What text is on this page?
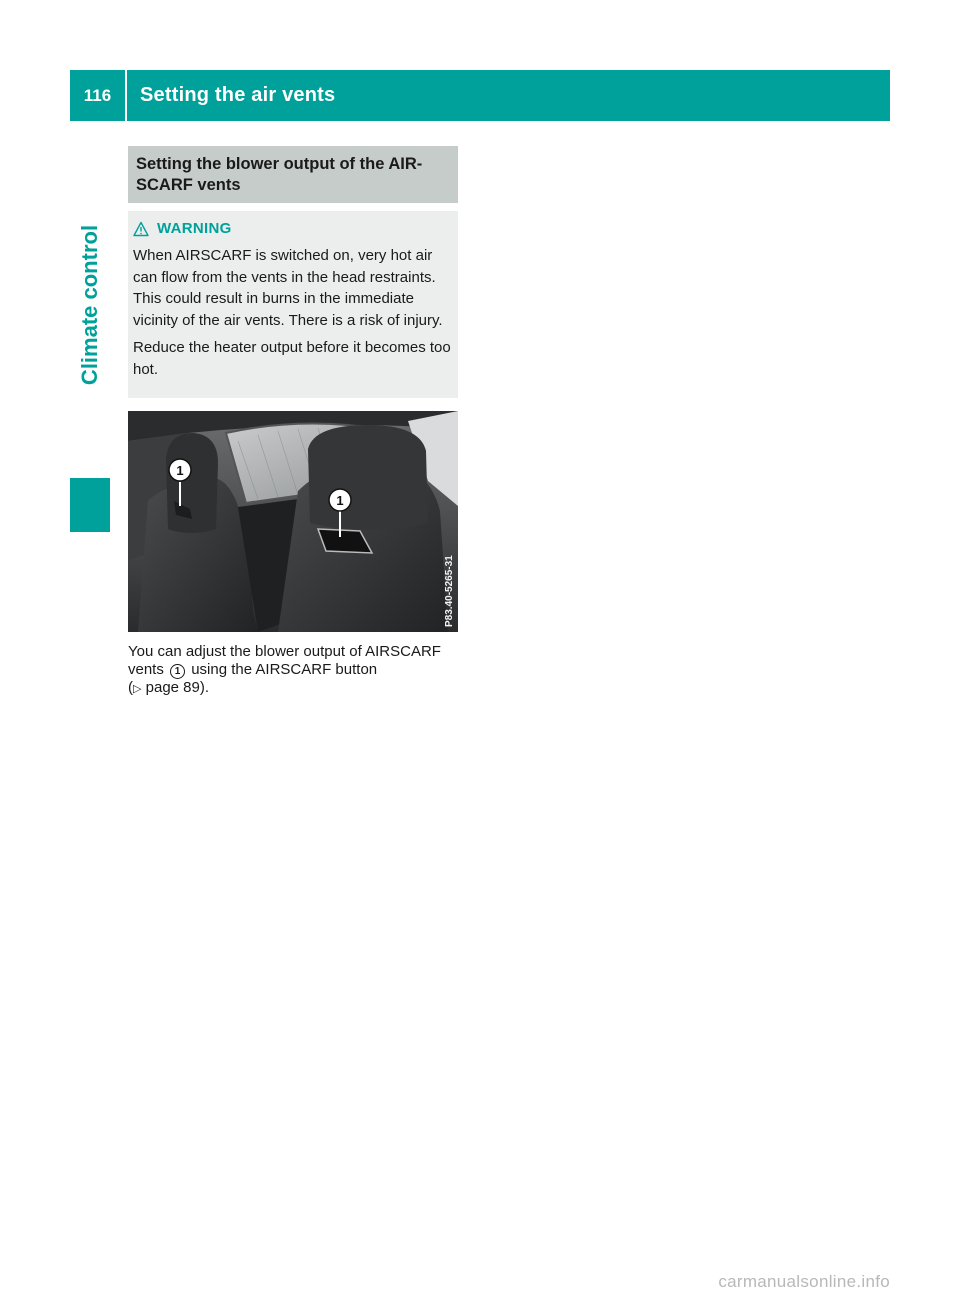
116	Setting the air vents
Climate control
Setting the blower output of the AIR-SCARF vents
WARNING

When AIRSCARF is switched on, very hot air can flow from the vents in the head restraints. This could result in burns in the immediate vicinity of the air vents. There is a risk of injury.

Reduce the heater output before it becomes too hot.

1
1
P83.40-5265-31
You can adjust the blower output of AIRSCARF vents 1 using the AIRSCARF button
(▷ page 89).
carmanualsonline.info
